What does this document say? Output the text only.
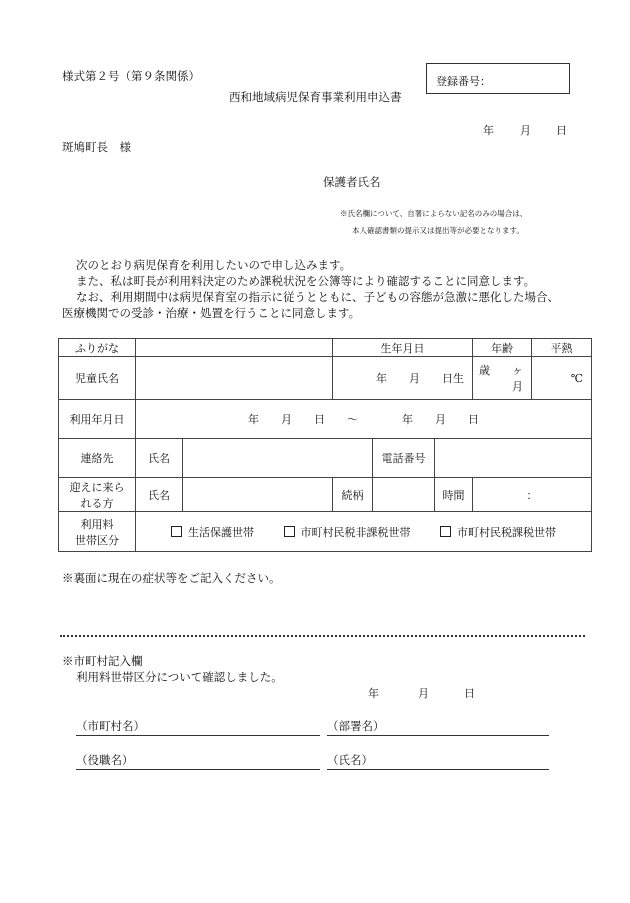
様式第２号（第９条関係）	登録番号：
西和地域病児保育事業利用申込書
年 月 日
斑鳩町長　様
保護者氏名
※氏名欄について、自署によらない記名のみの場合は、
本人確認書類の提示又は提出等が必要となります。
次のとおり病児保育を利用したいので申し込みます。
また、私は町長が利用料決定のため課税状況を公簿等により確認することに同意します。
なお、利用期間中は病児保育室の指示に従うとともに、子どもの容態が急激に悪化した場合、
医療機関での受診・治療・処置を行うことに同意します。
ふりがな			生年月日			年齢	平熱
児童氏名			年　　月　　日生			歳　　ヶ月	℃
利用年月日	年　　月　　日　　～　　　　年　　月　　日						
連絡先	氏名			電話番号			
迎えに来ら
れる方	氏名		続柄		時間	：	
利用料
世帯区分	生活保護世帯 市町村民税非課税世帯 市町村民税課税世帯						
※裏面に現在の症状等をご記入ください。
※市町村記入欄
利用料世帯区分について確認しました。
年	月	日
（市町村名）	（部署名）
（役職名）	（氏名）
